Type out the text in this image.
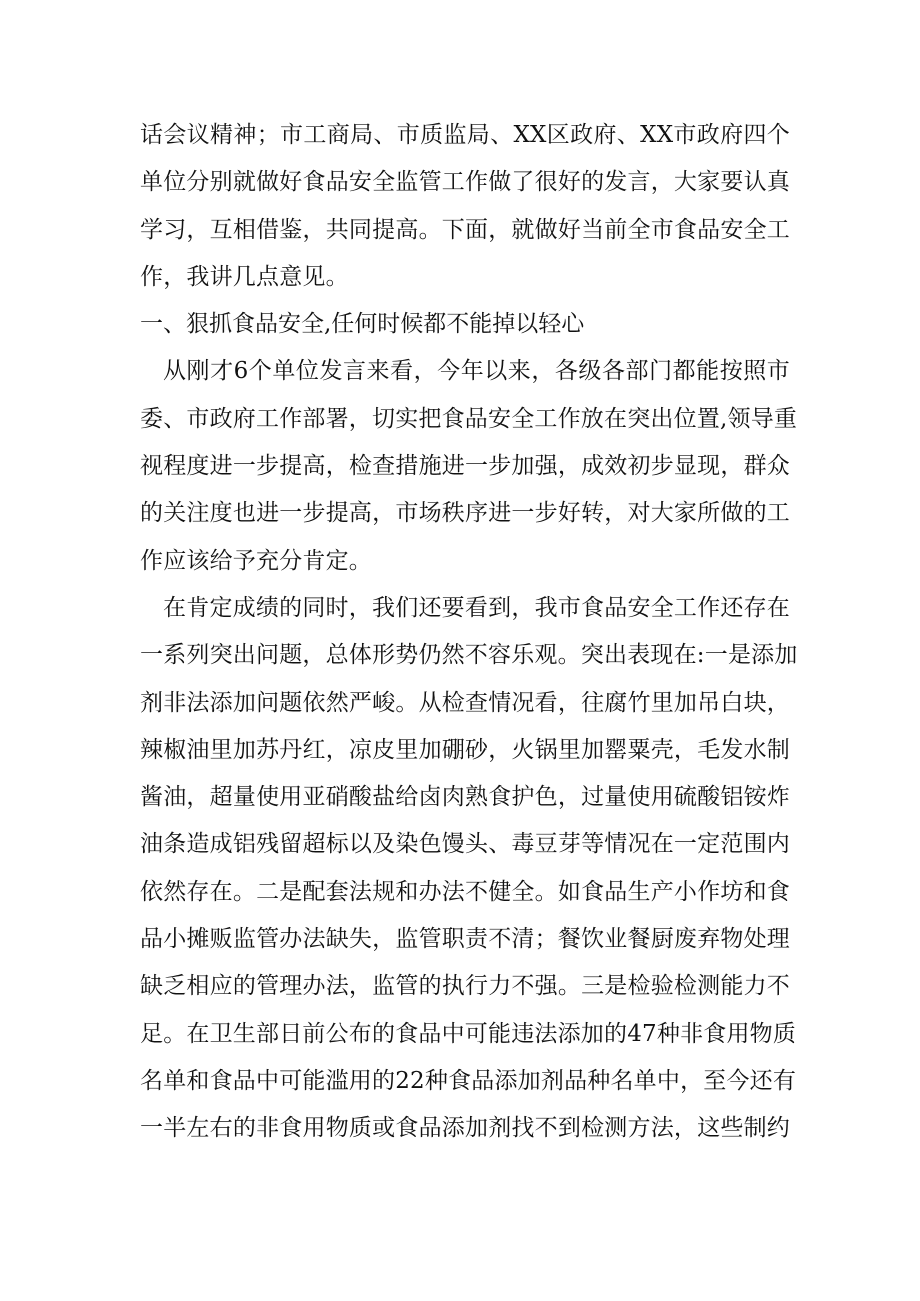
话会议精神；市工商局、市质监局、XX区政府、XX市政府四个
单位分别就做好食品安全监管工作做了很好的发言，大家要认真
学习，互相借鉴，共同提高。下面，就做好当前全市食品安全工
作，我讲几点意见。
一、狠抓食品安全,任何时候都不能掉以轻心
从刚才6个单位发言来看，今年以来，各级各部门都能按照市
委、市政府工作部署，切实把食品安全工作放在突出位置,领导重
视程度进一步提高，检查措施进一步加强，成效初步显现，群众
的关注度也进一步提高，市场秩序进一步好转，对大家所做的工
作应该给予充分肯定。
在肯定成绩的同时，我们还要看到，我市食品安全工作还存在
一系列突出问题，总体形势仍然不容乐观。突出表现在:一是添加
剂非法添加问题依然严峻。从检查情况看，往腐竹里加吊白块，
辣椒油里加苏丹红，凉皮里加硼砂，火锅里加罂粟壳，毛发水制
酱油，超量使用亚硝酸盐给卤肉熟食护色，过量使用硫酸铝铵炸
油条造成铝残留超标以及染色馒头、毒豆芽等情况在一定范围内
依然存在。二是配套法规和办法不健全。如食品生产小作坊和食
品小摊贩监管办法缺失，监管职责不清；餐饮业餐厨废弃物处理
缺乏相应的管理办法，监管的执行力不强。三是检验检测能力不
足。在卫生部日前公布的食品中可能违法添加的47种非食用物质
名单和食品中可能滥用的22种食品添加剂品种名单中，至今还有
一半左右的非食用物质或食品添加剂找不到检测方法，这些制约
